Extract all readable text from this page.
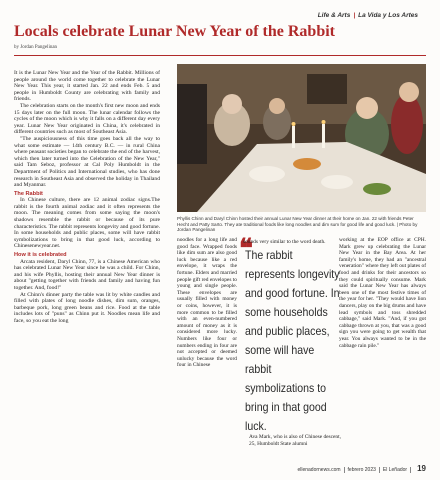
Life & Arts | La Vida y Los Artes
Locals celebrate Lunar New Year of the Rabbit
by Jordan Pangelinan

It is the Lunar New Year and the Year of the Rabbit. Millions of people around the world come together to celebrate the Lunar New Year. This year, it started Jan. 22 and ends Feb. 5 and people in Humboldt County are celebrating with family and friends.

The celebration starts on the month's first new moon and ends 15 days later on the full moon. The lunar calendar follows the cycles of the moon which is why it falls on a different day every year. Lunar New Year originated in China, it's celebrated in different countries such as most of Southeast Asia.

"The auspiciousness of this time goes back all the way to what some estimate — 14th century B.C. — in rural China where peasant societies began to celebrate the end of the harvest, which then later turned into the Celebration of the New Year," said Tam Seboz, professor at Cal Poly Humboldt in the Department of Politics and International studies, who has done research in Southeast Asia and observed the holiday in Thailand and Myanmar.

The Rabbit

In Chinese culture, there are 12 animal zodiac signs.The rabbit is the fourth animal zodiac and it often represents the moon. The meaning comes from some saying the moon's shadows resemble the rabbit or because of its pure characteristics. The rabbit represents longevity and good fortune. In some households and public places, some will have rabbit symbolizations to bring in that good luck, according to Chinesenewyear.net.

How it is celebrated

Arcata resident, Daryl Chinn, 77, is a Chinese American who has celebrated Lunar New Year since he was a child. For Chinn, and his wife Phyllis, hosting their annual New Year dinner is about "getting together with friends and family and having fun together. And, food!"

At Chinn's dinner party the table was lit by white candles and filled with plates of long noodle dishes, dim sum, oranges, barbeque pork, long green beans and rice. Food at the table includes lots of "puns" as Chinn put it. Noodles mean life and face, so you eat the long

Phyllis Chinn and Daryl Chinn hosted their annual Lunar New Year dinner at their home on Jan. 22 with friends Peter Hecht and Patty Sarto. They ate traditional foods like long noodles and dim sum for good life and good luck. | Photo by Jordan Pangelinan

noodles for a long life and good face. Wrapped foods like dim sum are also good luck because like a red envelope, it wraps the fortune. Elders and married people gift red envelopes to young and single people. These envelopes are usually filled with money or coins, however, it is more common to be filled with an even-numbered amount of money as it is considered more lucky. Numbers like four or numbers ending in four are not accepted or deemed unlucky because the word four in Chinese

❝
The rabbit represents longevity and good fortune. In some households and public places, some will have rabbit symbolizations to bring in that good luck.
sounds very similar to the word death.
Ava Mark, who is also of Chinese descent, 25, Humboldt State alumni

working at the EOP office at CPH. Mark grew up celebrating the Lunar New Year in the Bay Area. At her family's home, they had an "ancestral veneration" where they left out plates of food and drinks for their ancestors so they could spiritually consume. Mark said the Lunar New Year has always been one of the most festive times of the year for her. "They would have lion dancers, play on the big drums and have lead symbols and toss shredded cabbage," said Mark. "And, if you got cabbage thrown at you, that was a good sign you were going to get wealth that year. You always wanted to be in the cabbage rain pile."

ellenadornews.com febrero 2023 El Leñador 19
